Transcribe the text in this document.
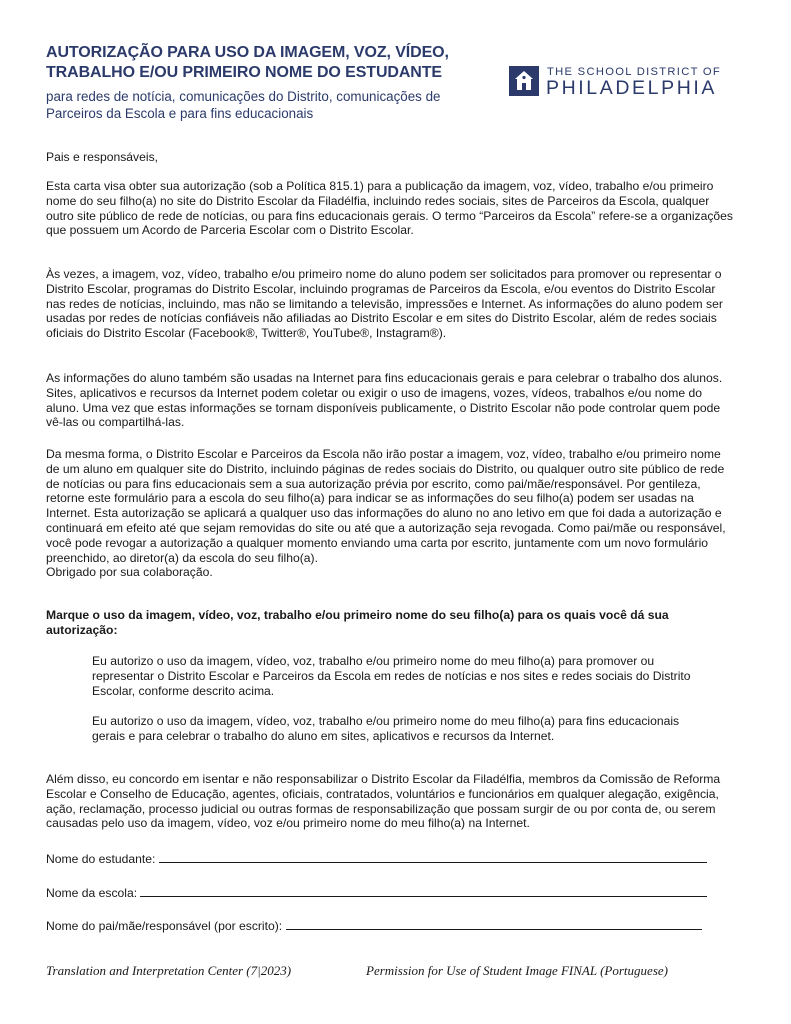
AUTORIZAÇÃO PARA USO DA IMAGEM, VOZ, VÍDEO,
TRABALHO E/OU PRIMEIRO NOME DO ESTUDANTE
para redes de notícia, comunicações do Distrito, comunicações de
Parceiros da Escola e para fins educacionais
THE SCHOOL DISTRICT OF
PHILADELPHIA
Pais e responsáveis,
Esta carta visa obter sua autorização (sob a Política 815.1) para a publicação da imagem, voz, vídeo, trabalho e/ou primeiro nome do seu filho(a) no site do Distrito Escolar da Filadélfia, incluindo redes sociais, sites de Parceiros da Escola, qualquer outro site público de rede de notícias, ou para fins educacionais gerais. O termo “Parceiros da Escola” refere-se a organizações que possuem um Acordo de Parceria Escolar com o Distrito Escolar.
Às vezes, a imagem, voz, vídeo, trabalho e/ou primeiro nome do aluno podem ser solicitados para promover ou representar o Distrito Escolar, programas do Distrito Escolar, incluindo programas de Parceiros da Escola, e/ou eventos do Distrito Escolar nas redes de notícias, incluindo, mas não se limitando a televisão, impressões e Internet. As informações do aluno podem ser usadas por redes de notícias confiáveis não afiliadas ao Distrito Escolar e em sites do Distrito Escolar, além de redes sociais oficiais do Distrito Escolar (Facebook®, Twitter®, YouTube®, Instagram®).
As informações do aluno também são usadas na Internet para fins educacionais gerais e para celebrar o trabalho dos alunos. Sites, aplicativos e recursos da Internet podem coletar ou exigir o uso de imagens, vozes, vídeos, trabalhos e/ou nome do aluno. Uma vez que estas informações se tornam disponíveis publicamente, o Distrito Escolar não pode controlar quem pode vê-las ou compartilhá-las.

Da mesma forma, o Distrito Escolar e Parceiros da Escola não irão postar a imagem, voz, vídeo, trabalho e/ou primeiro nome de um aluno em qualquer site do Distrito, incluindo páginas de redes sociais do Distrito, ou qualquer outro site público de rede de notícias ou para fins educacionais sem a sua autorização prévia por escrito, como pai/mãe/responsável. Por gentileza, retorne este formulário para a escola do seu filho(a) para indicar se as informações do seu filho(a) podem ser usadas na Internet. Esta autorização se aplicará a qualquer uso das informações do aluno no ano letivo em que foi dada a autorização e continuará em efeito até que sejam removidas do site ou até que a autorização seja revogada. Como pai/mãe ou responsável, você pode revogar a autorização a qualquer momento enviando uma carta por escrito, juntamente com um novo formulário

preenchido, ao diretor(a) da escola do seu filho(a).

Obrigado por sua colaboração.

Marque o uso da imagem, vídeo, voz, trabalho e/ou primeiro nome do seu filho(a) para os quais você dá sua autorização:
Eu autorizo o uso da imagem, vídeo, voz, trabalho e/ou primeiro nome do meu filho(a) para promover ou representar o Distrito Escolar e Parceiros da Escola em redes de notícias e nos sites e redes sociais do Distrito Escolar, conforme descrito acima.
Eu autorizo o uso da imagem, vídeo, voz, trabalho e/ou primeiro nome do meu filho(a) para fins educacionais gerais e para celebrar o trabalho do aluno em sites, aplicativos e recursos da Internet.
Além disso, eu concordo em isentar e não responsabilizar o Distrito Escolar da Filadélfia, membros da Comissão de Reforma Escolar e Conselho de Educação, agentes, oficiais, contratados, voluntários e funcionários em qualquer alegação, exigência, ação, reclamação, processo judicial ou outras formas de responsabilização que possam surgir de ou por conta de, ou serem causadas pelo uso da imagem, vídeo, voz e/ou primeiro nome do meu filho(a) na Internet.
Nome do estudante:
Nome da escola:
Nome do pai/mãe/responsável (por escrito):
Translation and Interpretation Center (7|2023)	Permission for Use of Student Image FINAL (Portuguese)
